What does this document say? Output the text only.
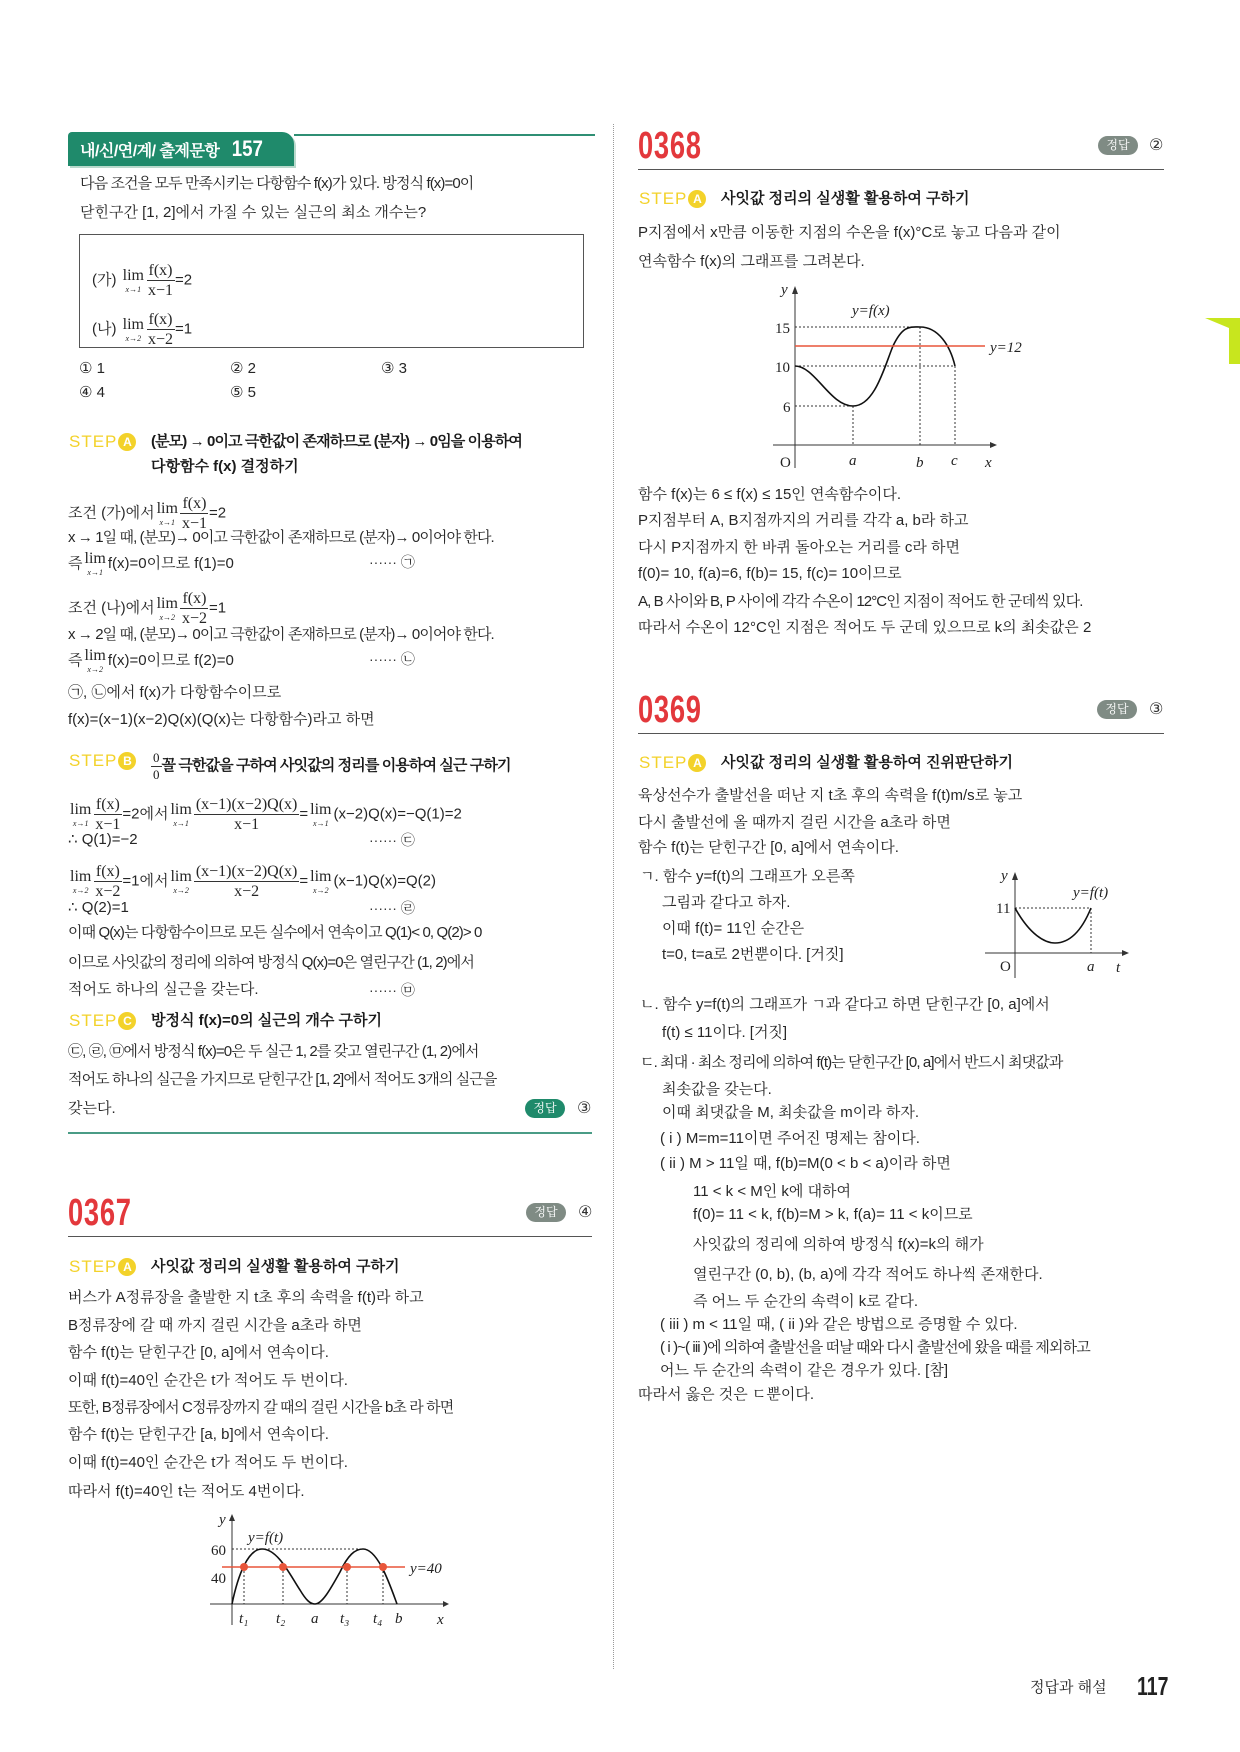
내/신/연/계/ 출제문항 157
다음 조건을 모두 만족시키는 다항함수 f(x)가 있다. 방정식 f(x)=0이
닫힌구간 [1, 2]에서 가질 수 있는 실근의 최소 개수는?
(가) lim
$x\to 1 \frac{f(x)}{x-1} =2$
(나) lim
$x\to 2 \frac{f(x)}{x-2} =1$
① 1	② 2	③ 3
④ 4	⑤ 5
STEP A (분모) → 0이고 극한값이 존재하므로 (분자) → 0임을 이용하여
다항함수 f(x) 결정하기
조건 (가)에서 lim
$x\to 1 \frac{f(x)}{x-1} =2$
x → 1일 때, (분모)→ 0이고 극한값이 존재하므로 (분자)→ 0이어야 한다.
즉 lim
x→1
f(x)=0이므로 f(1)=0	······ ㉠
조건 (나)에서 lim
$x\to 2 \frac{f(x)}{x-2} =1$
x → 2일 때, (분모)→ 0이고 극한값이 존재하므로 (분자)→ 0이어야 한다.
즉 lim
x→2
f(x)=0이므로 f(2)=0	······ ㉡
㉠, ㉡에서 f(x)가 다항함수이므로
f(x)=(x−1)(x−2)Q(x)(Q(x)는 다항함수)라고 하면
STEP B $\frac{0}{0}$ 꼴 극한값을 구하여 사잇값의 정리를 이용하여 실근 구하기
lim
$x\to 1 \frac{f(x)}{x-1} =2$에서 lim
$x\to 1 \frac{(x-1)(x-2)Q(x)}{x-1} = \lim$
x→1
(x−2)Q(x)=−Q(1)=2
∴ Q(1)=−2	······ ㉢
lim
$x\to 2 \frac{f(x)}{x-2} =1$에서 lim
$x\to 2 \frac{(x-1)(x-2)Q(x)}{x-2} = \lim$
x→2
(x−1)Q(x)=Q(2)
∴ Q(2)=1	······ ㉣
이때 Q(x)는 다항함수이므로 모든 실수에서 연속이고 Q(1)< 0, Q(2)> 0
이므로 사잇값의 정리에 의하여 방정식 Q(x)=0은 열린구간 (1, 2)에서
적어도 하나의 실근을 갖는다.	······ ㉤
STEP C 방정식 f(x)=0의 실근의 개수 구하기
㉢, ㉣, ㉤에서 방정식 f(x)=0은 두 실근 1, 2를 갖고 열린구간 (1, 2)에서
적어도 하나의 실근을 가지므로 닫힌구간 [1, 2]에서 적어도 3개의 실근을
갖는다.	정답	③
0367	정답	④
STEP A 사잇값 정리의 실생활 활용하여 구하기
버스가 A정류장을 출발한 지 t초 후의 속력을 f(t)라 하고
B정류장에 갈 때 까지 걸린 시간을 a초라 하면
함수 f(t)는 닫힌구간 [0, a]에서 연속이다.
이때 f(t)=40인 순간은 t가 적어도 두 번이다.
또한, B정류장에서 C정류장까지 갈 때의 걸린 시간을 b초 라 하면
함수 f(t)는 닫힌구간 [a, b]에서 연속이다.
이때 f(t)=40인 순간은 t가 적어도 두 번이다.
따라서 f(t)=40인 t는 적어도 4번이다.
y
x
y=f(t)
y=40
60
40
t₁ t₂ a t₃ t₄ b
0368	정답	②
STEP A 사잇값 정리의 실생활 활용하여 구하기
P지점에서 x만큼 이동한 지점의 수온을 f(x)°C로 놓고 다음과 같이
연속함수 f(x)의 그래프를 그려본다.
y
x
O
y=f(x)
y=12
15
10
6
a	b c
함수 f(x)는 6 ≤ f(x) ≤ 15인 연속함수이다.
P지점부터 A, B지점까지의 거리를 각각 a, b라 하고
다시 P지점까지 한 바퀴 돌아오는 거리를 c라 하면
f(0)= 10, f(a)=6, f(b)= 15, f(c)= 10이므로
A, B 사이와 B, P 사이에 각각 수온이 12°C인 지점이 적어도 한 군데씩 있다.
따라서 수온이 12°C인 지점은 적어도 두 군데 있으므로 k의 최솟값은 2
0369	정답	③
STEP A 사잇값 정리의 실생활 활용하여 진위판단하기
육상선수가 출발선을 떠난 지 t초 후의 속력을 f(t)m/s로 놓고
다시 출발선에 올 때까지 걸린 시간을 a초라 하면
함수 f(t)는 닫힌구간 [0, a]에서 연속이다.
ㄱ. 함수 y=f(t)의 그래프가 오른쪽
그림과 같다고 하자.
이때 f(t)= 11인 순간은
t=0, t=a로 2번뿐이다. [거짓]
y
t
O
y=f(t)
11
a
ㄴ. 함수 y=f(t)의 그래프가 ㄱ과 같다고 하면 닫힌구간 [0, a]에서
f(t) ≤ 11이다. [거짓]
ㄷ. 최대 · 최소 정리에 의하여 f(t)는 닫힌구간 [0, a]에서 반드시 최댓값과
최솟값을 갖는다.
이때 최댓값을 M, 최솟값을 m이라 하자.
( i ) M=m=11이면 주어진 명제는 참이다.
( ii ) M > 11일 때, f(b)=M(0 < b < a)이라 하면
11 < k < M인 k에 대하여
f(0)= 11 < k, f(b)=M > k, f(a)= 11 < k이므로
사잇값의 정리에 의하여 방정식 f(x)=k의 해가
열린구간 (0, b), (b, a)에 각각 적어도 하나씩 존재한다.
즉 어느 두 순간의 속력이 k로 같다.
( iii ) m < 11일 때, ( ii )와 같은 방법으로 증명할 수 있다.
( i )~( iii )에 의하여 출발선을 떠날 때와 다시 출발선에 왔을 때를 제외하고
어느 두 순간의 속력이 같은 경우가 있다. [참]
따라서 옳은 것은 ㄷ뿐이다.
정답과 해설 117
